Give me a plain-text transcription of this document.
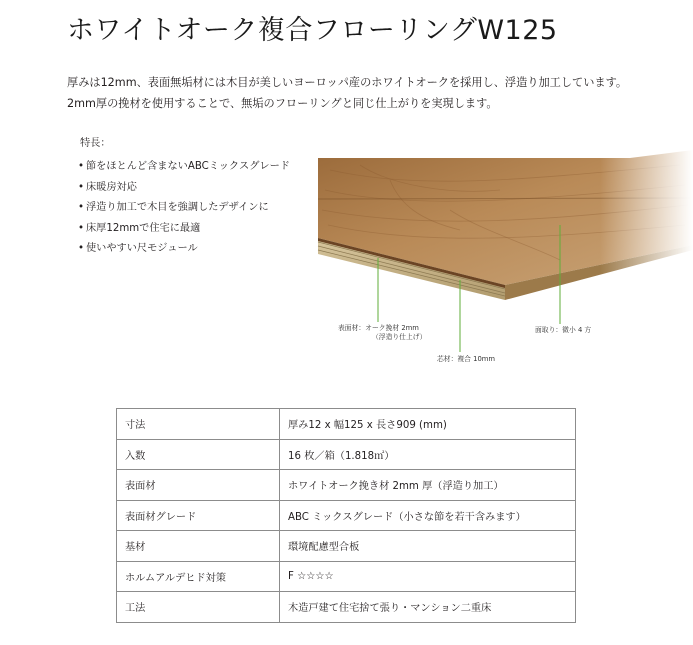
ホワイトオーク複合フローリングW125

厚みは12mm、表面無垢材には木目が美しいヨーロッパ産のホワイトオークを採用し、浮造り加工しています。

2mm厚の挽材を使用することで、無垢のフローリングと同じ仕上がりを実現します。

特長：

• 節をほとんど含まないABCミックスグレード
• 床暖房対応
• 浮造り加工で木目を強調したデザインに
• 床厚12mmで住宅に最適
• 使いやすい尺モジュール
表面材：オーク挽材 2mm
（浮造り仕上げ）
芯材：複合 10mm
面取り：微小 4 方
寸法	厚み12 x 幅125 x 長さ909 (mm)
入数	16 枚／箱（1.818㎡）
表面材	ホワイトオーク挽き材 2mm 厚（浮造り加工）
表面材グレード	ABC ミックスグレード（小さな節を若干含みます）
基材	環境配慮型合板
ホルムアルデヒド対策	F ☆☆☆☆
工法	木造戸建て住宅捨て張り・マンション二重床
